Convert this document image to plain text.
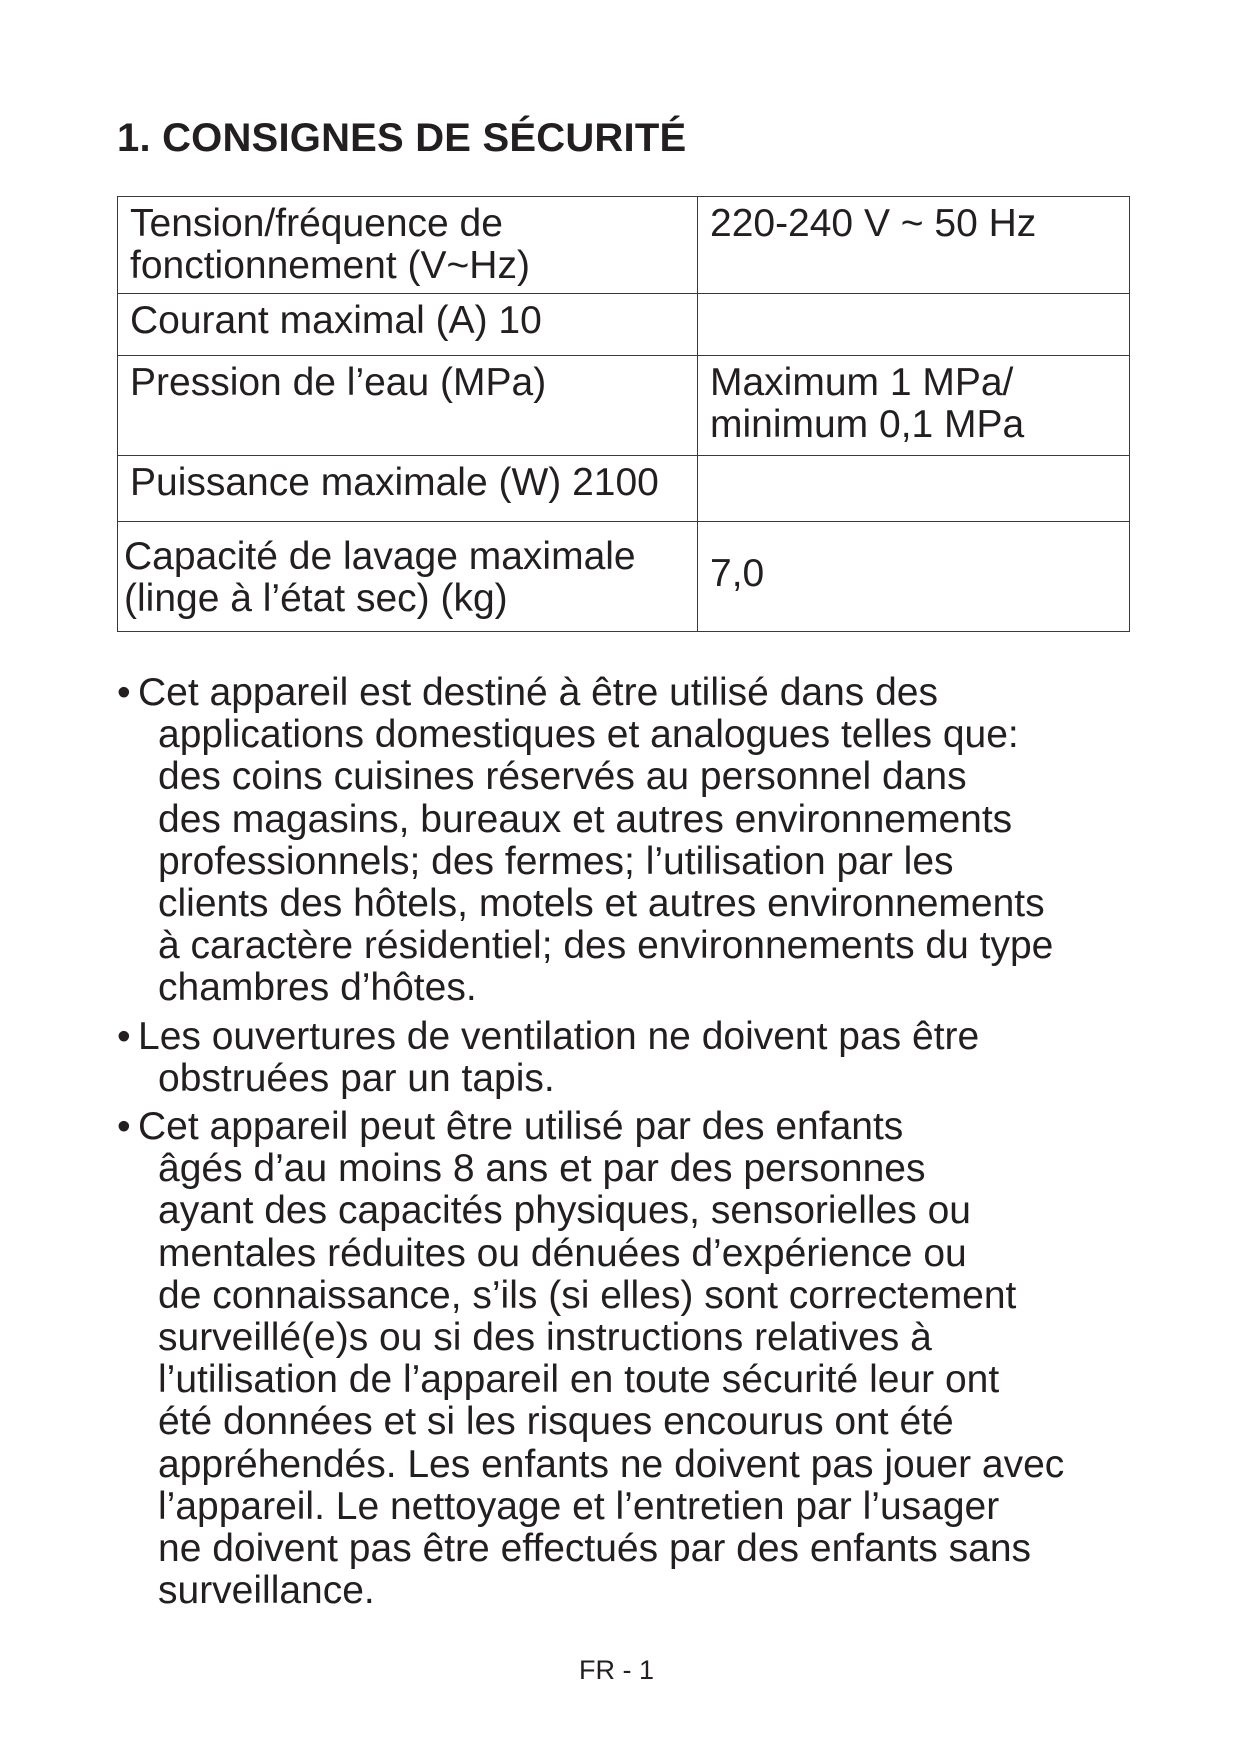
1. CONSIGNES DE SÉCURITÉ
Tension/fréquence de
fonctionnement (V~Hz)	220-240 V ~ 50 Hz

Courant maximal (A) 10	

Pression de l’eau (MPa)	Maximum 1 MPa/
minimum 0,1 MPa

Puissance maximale (W) 2100	

Capacité de lavage maximale
(linge à l’état sec) (kg)	7,0
• Cet appareil est destiné à être utilisé dans des
applications domestiques et analogues telles que:
des coins cuisines réservés au personnel dans
des magasins, bureaux et autres environnements
professionnels; des fermes; l’utilisation par les
clients des hôtels, motels et autres environnements
à caractère résidentiel; des environnements du type
chambres d’hôtes.
• Les ouvertures de ventilation ne doivent pas être
obstruées par un tapis.
• Cet appareil peut être utilisé par des enfants
âgés d’au moins 8 ans et par des personnes
ayant des capacités physiques, sensorielles ou
mentales réduites ou dénuées d’expérience ou
de connaissance, s’ils (si elles) sont correctement
surveillé(e)s ou si des instructions relatives à
l’utilisation de l’appareil en toute sécurité leur ont
été données et si les risques encourus ont été
appréhendés. Les enfants ne doivent pas jouer avec
l’appareil. Le nettoyage et l’entretien par l’usager
ne doivent pas être effectués par des enfants sans
surveillance.
FR - 1
